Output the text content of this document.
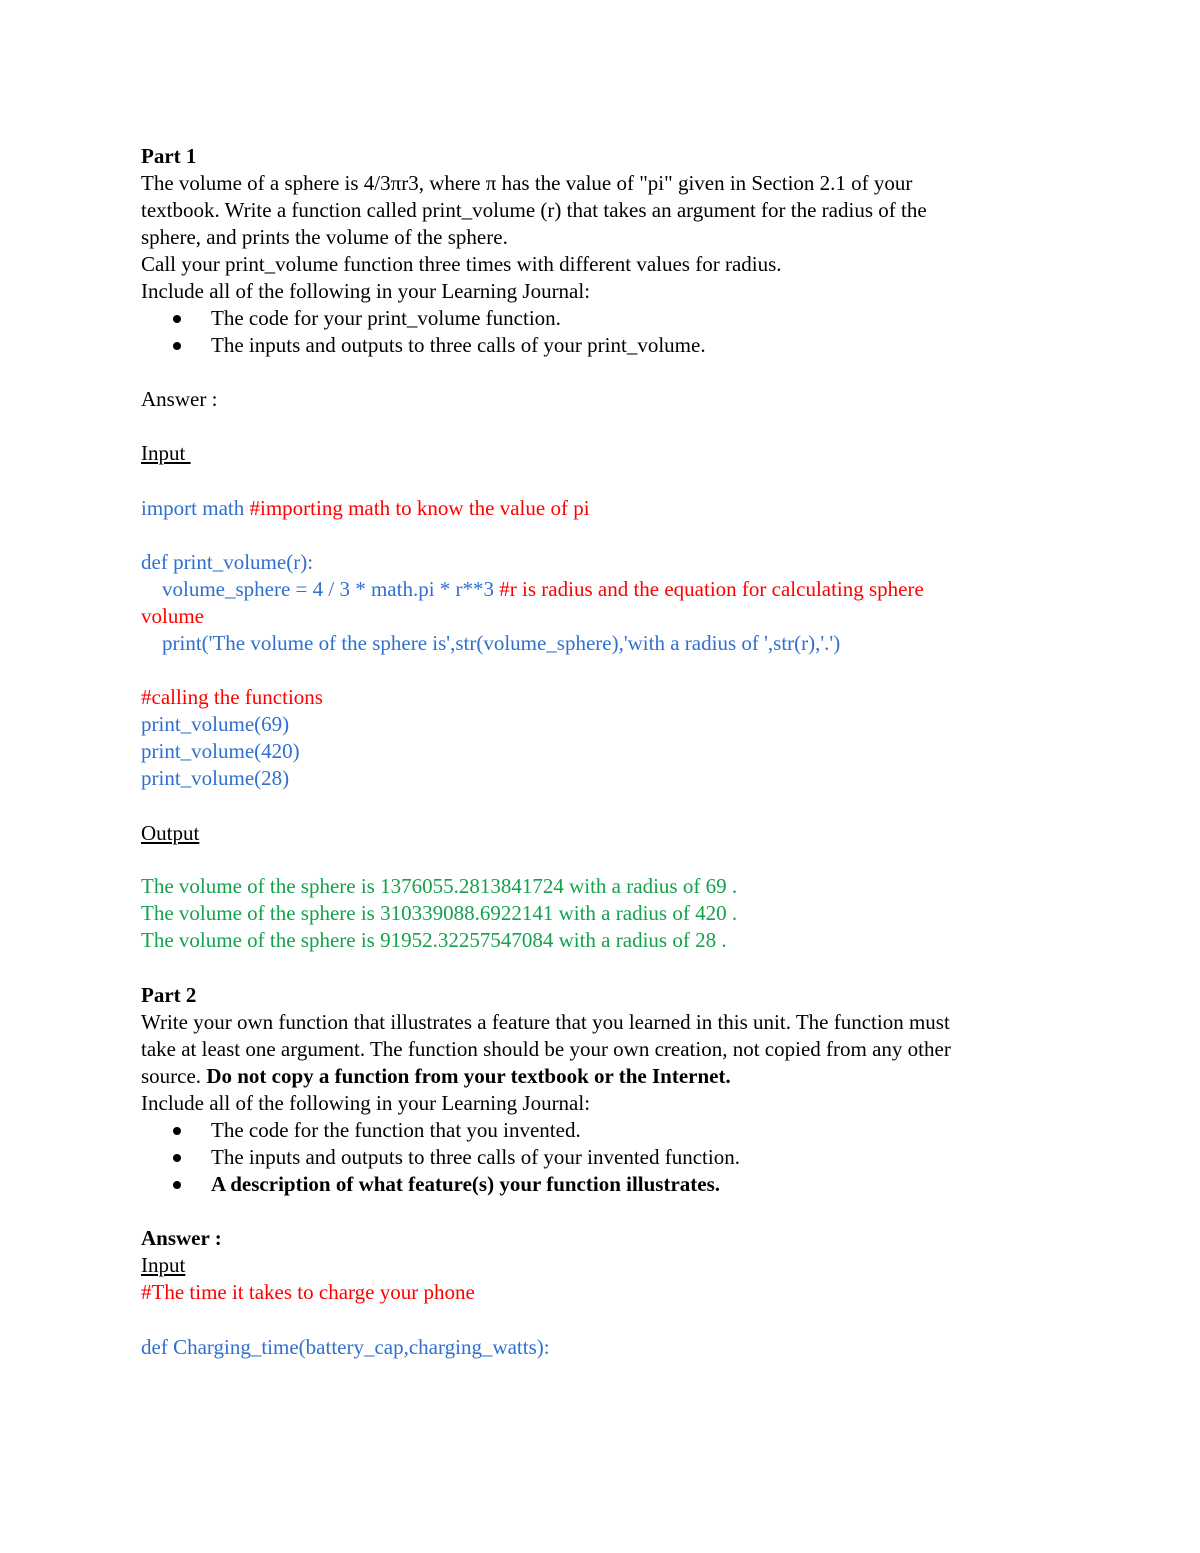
Part 1
The volume of a sphere is 4/3πr3, where π has the value of "pi" given in Section 2.1 of your
textbook. Write a function called print_volume (r) that takes an argument for the radius of the
sphere, and prints the volume of the sphere.
Call your print_volume function three times with different values for radius.
Include all of the following in your Learning Journal:
The code for your print_volume function.
The inputs and outputs to three calls of your print_volume.
Answer :
Input
import math #importing math to know the value of pi
def print_volume(r):
volume_sphere = 4 / 3 * math.pi * r**3 #r is radius and the equation for calculating sphere
volume
print('The volume of the sphere is',str(volume_sphere),'with a radius of ',str(r),'.')
#calling the functions
print_volume(69)
print_volume(420)
print_volume(28)
Output
The volume of the sphere is 1376055.2813841724 with a radius of 69 .
The volume of the sphere is 310339088.6922141 with a radius of 420 .
The volume of the sphere is 91952.32257547084 with a radius of 28 .
Part 2
Write your own function that illustrates a feature that you learned in this unit. The function must
take at least one argument. The function should be your own creation, not copied from any other
source. Do not copy a function from your textbook or the Internet.
Include all of the following in your Learning Journal:
The code for the function that you invented.
The inputs and outputs to three calls of your invented function.
A description of what feature(s) your function illustrates.
Answer :
Input
#The time it takes to charge your phone
def Charging_time(battery_cap,charging_watts):
